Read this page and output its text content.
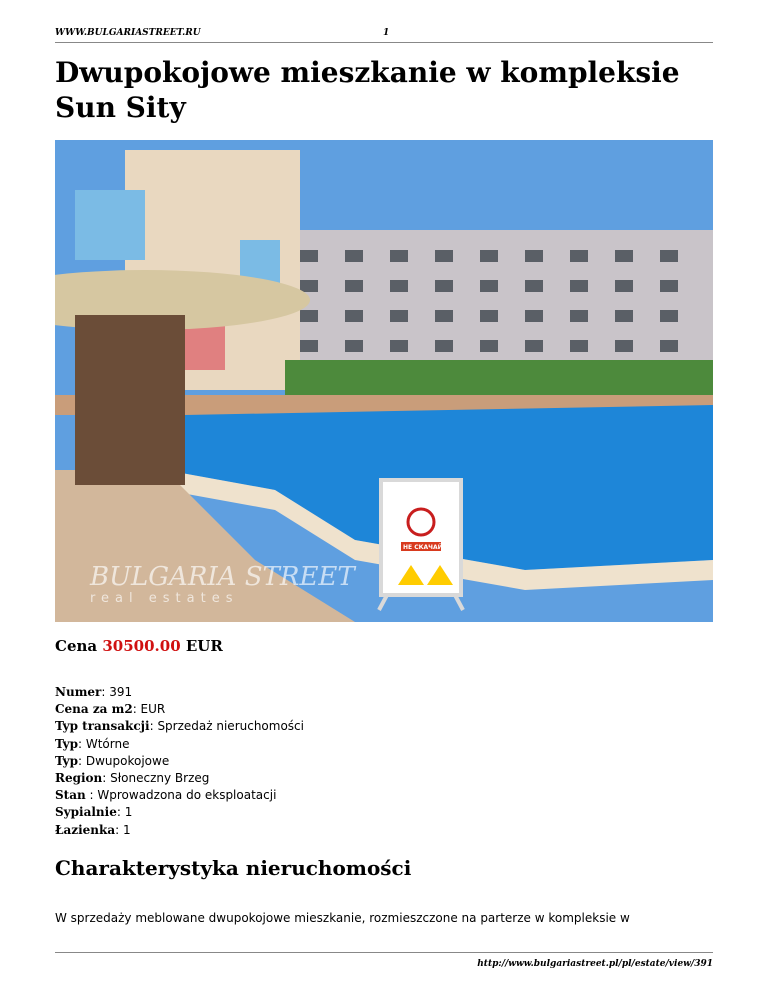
WWW.BULGARIASTREET.RU	1
Dwupokojowe mieszkanie w kompleksie Sun Sity
BULGARIA STREET
real estates
НЕ СКАЧАЙ
Cena 30500.00 EUR
Numer: 391
Cena za m2: EUR
Typ transakcji: Sprzedaż nieruchomości
Typ: Wtórne
Typ: Dwupokojowe
Region: Słoneczny Brzeg
Stan : Wprowadzona do eksploatacji
Sypialnie: 1
Łazienka: 1
Charakterystyka nieruchomości
W sprzedaży meblowane dwupokojowe mieszkanie, rozmieszczone na parterze w kompleksie w
http://www.bulgariastreet.pl/pl/estate/view/391
